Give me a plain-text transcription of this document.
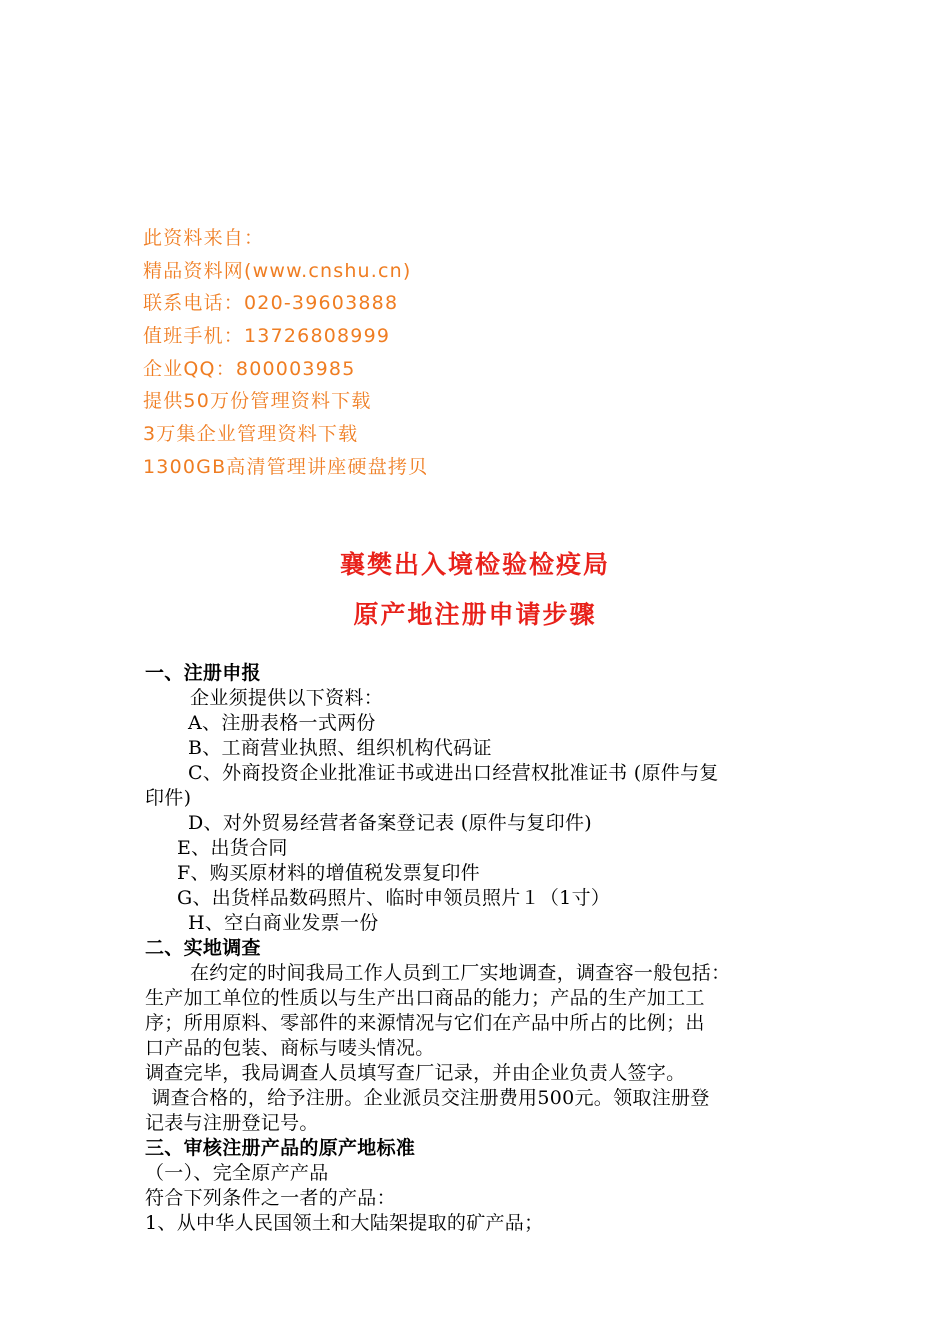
此资料来自：
精品资料网(www.cnshu.cn)
联系电话：020-39603888
值班手机：13726808999
企业QQ：800003985
提供50万份管理资料下载
3万集企业管理资料下载
1300GB高清管理讲座硬盘拷贝
襄樊出入境检验检疫局
原产地注册申请步骤
一、注册申报
企业须提供以下资料：
A、注册表格一式两份
B、工商营业执照、组织机构代码证
C、外商投资企业批准证书或进出口经营权批准证书 (原件与复
印件)
D、对外贸易经营者备案登记表 (原件与复印件)
E、出货合同
F、购买原材料的增值税发票复印件
G、出货样品数码照片、临时申领员照片１（1寸）
H、空白商业发票一份
二、实地调查
在约定的时间我局工作人员到工厂实地调查，调查容一般包括：
生产加工单位的性质以与生产出口商品的能力；产品的生产加工工
序；所用原料、零部件的来源情况与它们在产品中所占的比例；出
口产品的包装、商标与唛头情况。
调查完毕，我局调查人员填写查厂记录，并由企业负责人签字。
调查合格的，给予注册。企业派员交注册费用500元。领取注册登
记表与注册登记号。
三、审核注册产品的原产地标准
（一）、完全原产产品
符合下列条件之一者的产品：
1、从中华人民国领土和大陆架提取的矿产品；
